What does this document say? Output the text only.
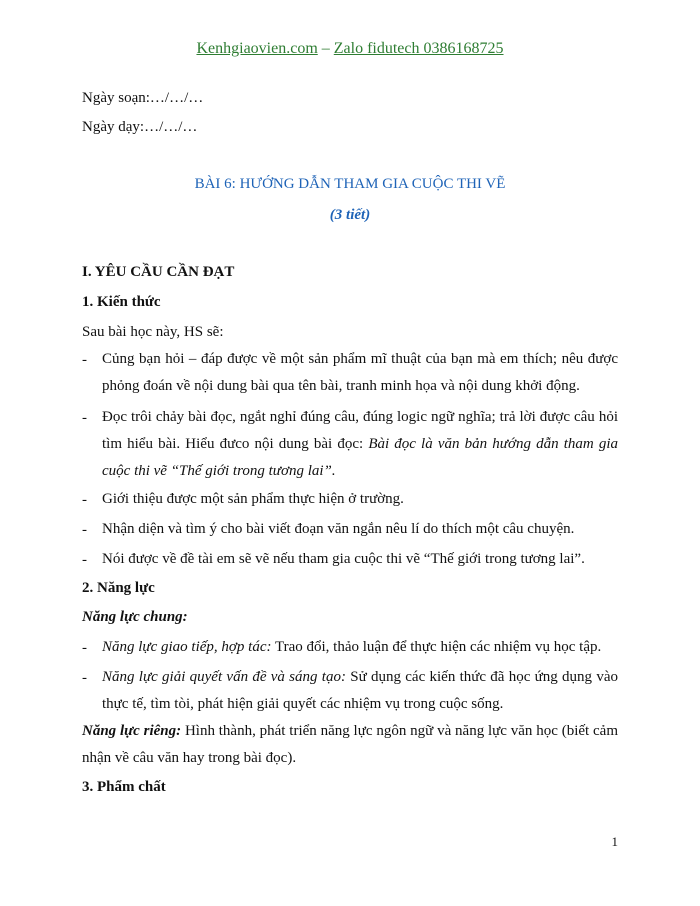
Kenhgiaovien.com – Zalo fidutech 0386168725
Ngày soạn:…/…/…
Ngày dạy:…/…/…
BÀI 6: HƯỚNG DẪN THAM GIA CUỘC THI VẼ
(3 tiết)
I. YÊU CẦU CẦN ĐẠT
1. Kiến thức
Sau bài học này, HS sẽ:
- Củng bạn hỏi – đáp được về một sản phẩm mĩ thuật của bạn mà em thích; nêu được phỏng đoán về nội dung bài qua tên bài, tranh minh họa và nội dung khởi động.
- Đọc trôi chảy bài đọc, ngắt nghỉ đúng câu, đúng logic ngữ nghĩa; trả lời được câu hỏi tìm hiểu bài. Hiểu đưco nội dung bài đọc: Bài đọc là văn bản hướng dẫn tham gia cuộc thi vẽ “Thế giới trong tương lai”.
- Giới thiệu được một sản phẩm thực hiện ở trường.
- Nhận diện và tìm ý cho bài viết đoạn văn ngắn nêu lí do thích một câu chuyện.
- Nói được về đề tài em sẽ vẽ nếu tham gia cuộc thi vẽ “Thế giới trong tương lai”.
2. Năng lực
Năng lực chung:
- Năng lực giao tiếp, hợp tác: Trao đổi, thảo luận để thực hiện các nhiệm vụ học tập.
- Năng lực giải quyết vấn đề và sáng tạo: Sử dụng các kiến thức đã học ứng dụng vào thực tế, tìm tòi, phát hiện giải quyết các nhiệm vụ trong cuộc sống.
Năng lực riêng: Hình thành, phát triển năng lực ngôn ngữ và năng lực văn học (biết cảm nhận về câu văn hay trong bài đọc).
3. Phẩm chất
1
